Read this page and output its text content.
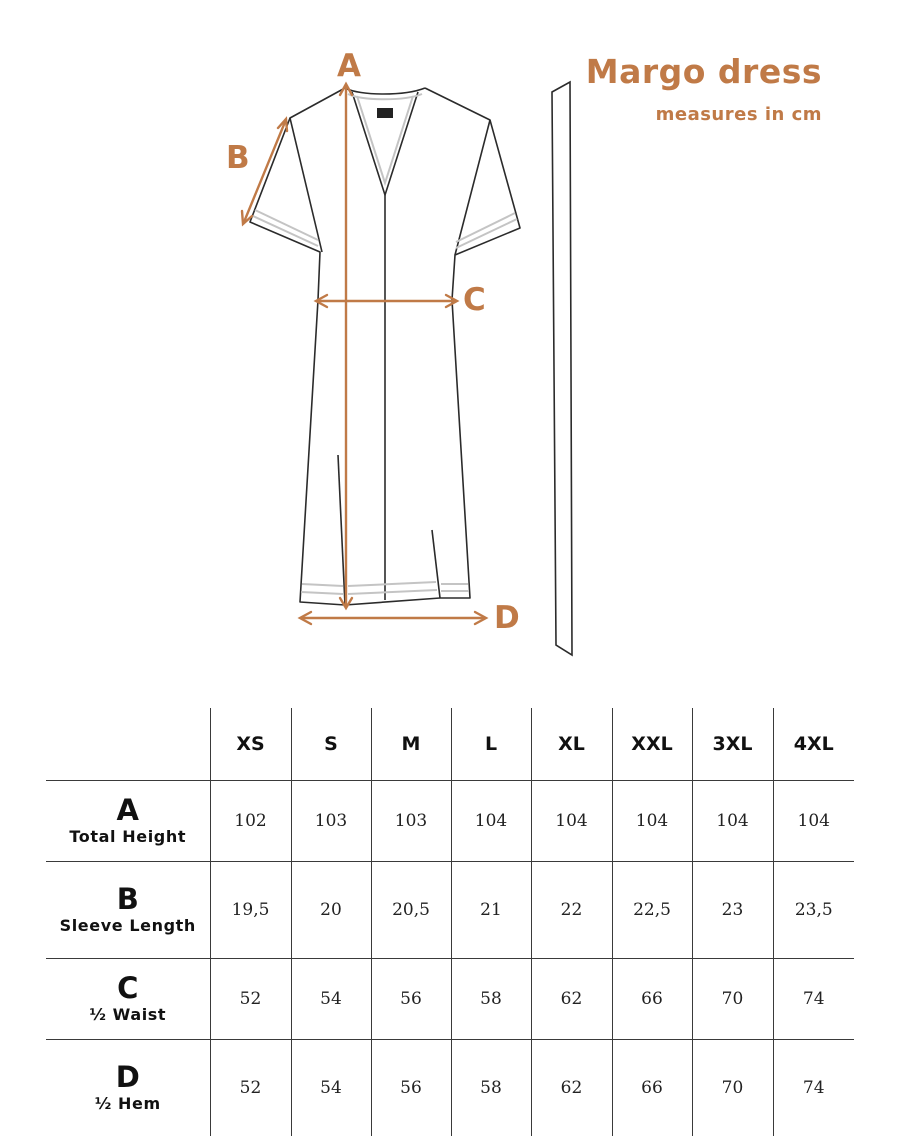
A
B
C
D
Margo dress
measures in cm
	XS	S	M	L	XL	XXL	3XL	4XL

A
Total Height	102	103	103	104	104	104	104	104

B
Sleeve Length	19,5	20	20,5	21	22	22,5	23	23,5

C
½ Waist	52	54	56	58	62	66	70	74

D
½ Hem	52	54	56	58	62	66	70	74
